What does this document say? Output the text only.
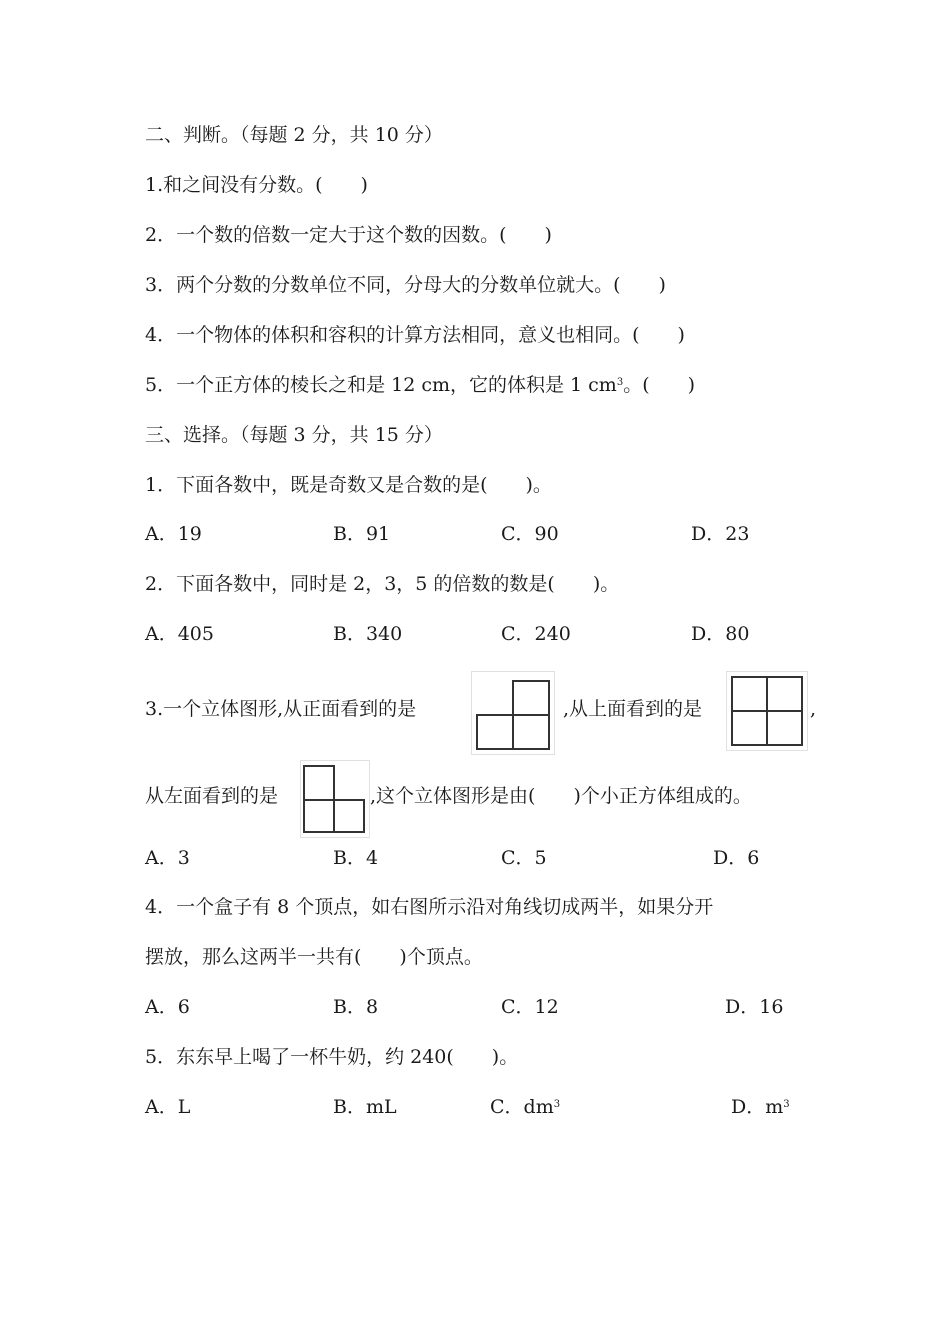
二、判断。（每题 2 分，共 10 分）
1.和之间没有分数。(　　)
2．一个数的倍数一定大于这个数的因数。(　　)
3．两个分数的分数单位不同，分母大的分数单位就大。(　　)
4．一个物体的体积和容积的计算方法相同，意义也相同。(　　)
5．一个正方体的棱长之和是 12 cm，它的体积是 1 $cm^3$。(　　)
三、选择。（每题 3 分，共 15 分）
1．下面各数中，既是奇数又是合数的是(　　)。
A．19	B．91	C．90	D．23
2．下面各数中，同时是 2，3，5 的倍数的数是(　　)。
A．405	B．340	C．240	D．80
3.一个立体图形,从正面看到的是	,从上面看到的是	,
从左面看到的是	,这个立体图形是由(　　)个小正方体组成的。
A．3	B．4	C．5	D．6
4．一个盒子有 8 个顶点，如右图所示沿对角线切成两半，如果分开
摆放，那么这两半一共有(　　)个顶点。
A．6	B．8	C．12	D．16
5．东东早上喝了一杯牛奶，约 240(　　)。
A．L	B．mL	C．$dm^3$	D．$m^3$
